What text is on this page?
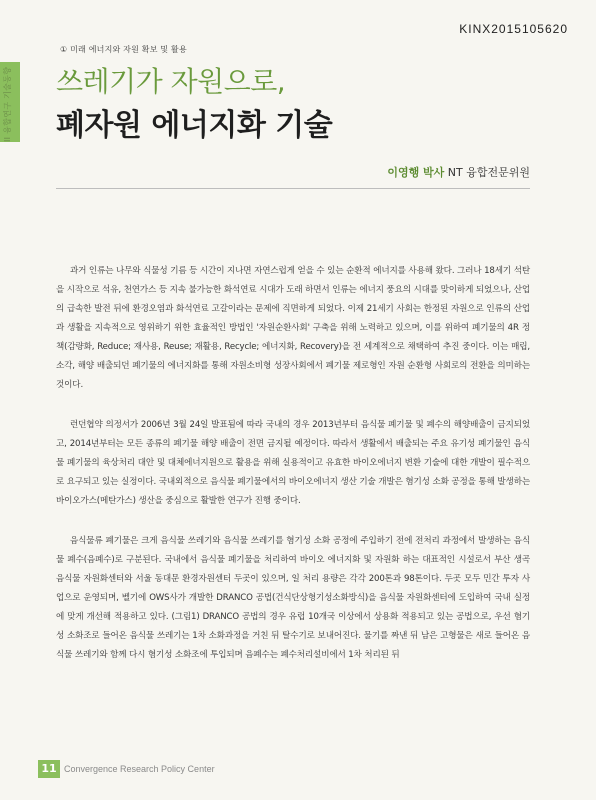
KINX2015105620
II 융합연구 기술동향
① 미래 에너지와 자원 확보 및 활용
쓰레기가 자원으로,
폐자원 에너지화 기술
이영행 박사 NT 융합전문위원

과거 인류는 나무와 식물성 기름 등 시간이 지나면 자연스럽게 얻을 수 있는 순환적 에너지를 사용해 왔다. 그러나 18세기 석탄을 시작으로 석유, 천연가스 등 지속 불가능한 화석연료 시대가 도래 하면서 인류는 에너지 풍요의 시대를 맞이하게 되었으나, 산업의 급속한 발전 뒤에 환경오염과 화석연료 고갈이라는 문제에 직면하게 되었다. 이제 21세기 사회는 한정된 자원으로 인류의 산업과 생활을 지속적으로 영위하기 위한 효율적인 방법인 '자원순환사회' 구축을 위해 노력하고 있으며, 이를 위하여 폐기물의 4R 정책(감량화, Reduce; 재사용, Reuse; 재활용, Recycle; 에너지화, Recovery)을 전 세계적으로 채택하여 추진 중이다. 이는 매립, 소각, 해양 배출되던 폐기물의 에너지화를 통해 자원소비형 성장사회에서 폐기물 제로형인 자원 순환형 사회로의 전환을 의미하는 것이다.

런던협약 의정서가 2006년 3월 24일 발표됨에 따라 국내의 경우 2013년부터 음식물 폐기물 및 폐수의 해양배출이 금지되었고, 2014년부터는 모든 종류의 폐기물 해양 배출이 전면 금지될 예정이다. 따라서 생활에서 배출되는 주요 유기성 폐기물인 음식물 폐기물의 육상처리 대안 및 대체에너지원으로 활용을 위해 실용적이고 유효한 바이오에너지 변환 기술에 대한 개발이 필수적으로 요구되고 있는 실정이다. 국내외적으로 음식물 폐기물에서의 바이오에너지 생산 기술 개발은 혐기성 소화 공정을 통해 발생하는 바이오가스(메탄가스) 생산을 중심으로 활발한 연구가 진행 중이다.

음식물류 폐기물은 크게 음식물 쓰레기와 음식물 쓰레기를 혐기성 소화 공정에 주입하기 전에 전처리 과정에서 발생하는 음식물 폐수(음폐수)로 구분된다. 국내에서 음식물 폐기물을 처리하여 바이오 에너지화 및 자원화 하는 대표적인 시설로서 부산 생곡 음식물 자원화센터와 서울 동대문 환경자원센터 두곳이 있으며, 일 처리 용량은 각각 200톤과 98톤이다. 두곳 모두 민간 투자 사업으로 운영되며, 벨기에 OWS사가 개발한 DRANCO 공법(건식단상형기성소화방식)을 음식물 자원화센터에 도입하여 국내 실정에 맞게 개선해 적용하고 있다. (그림1) DRANCO 공법의 경우 유럽 10개국 이상에서 상용화 적용되고 있는 공법으로, 우선 혐기성 소화조로 들어온 음식물 쓰레기는 1차 소화과정을 거친 뒤 탈수기로 보내어진다. 물기를 짜낸 뒤 남은 고형물은 새로 들어온 음식물 쓰레기와 함께 다시 혐기성 소화조에 투입되며 음폐수는 폐수처리설비에서 1차 처리된 뒤

11 Convergence Research Policy Center
